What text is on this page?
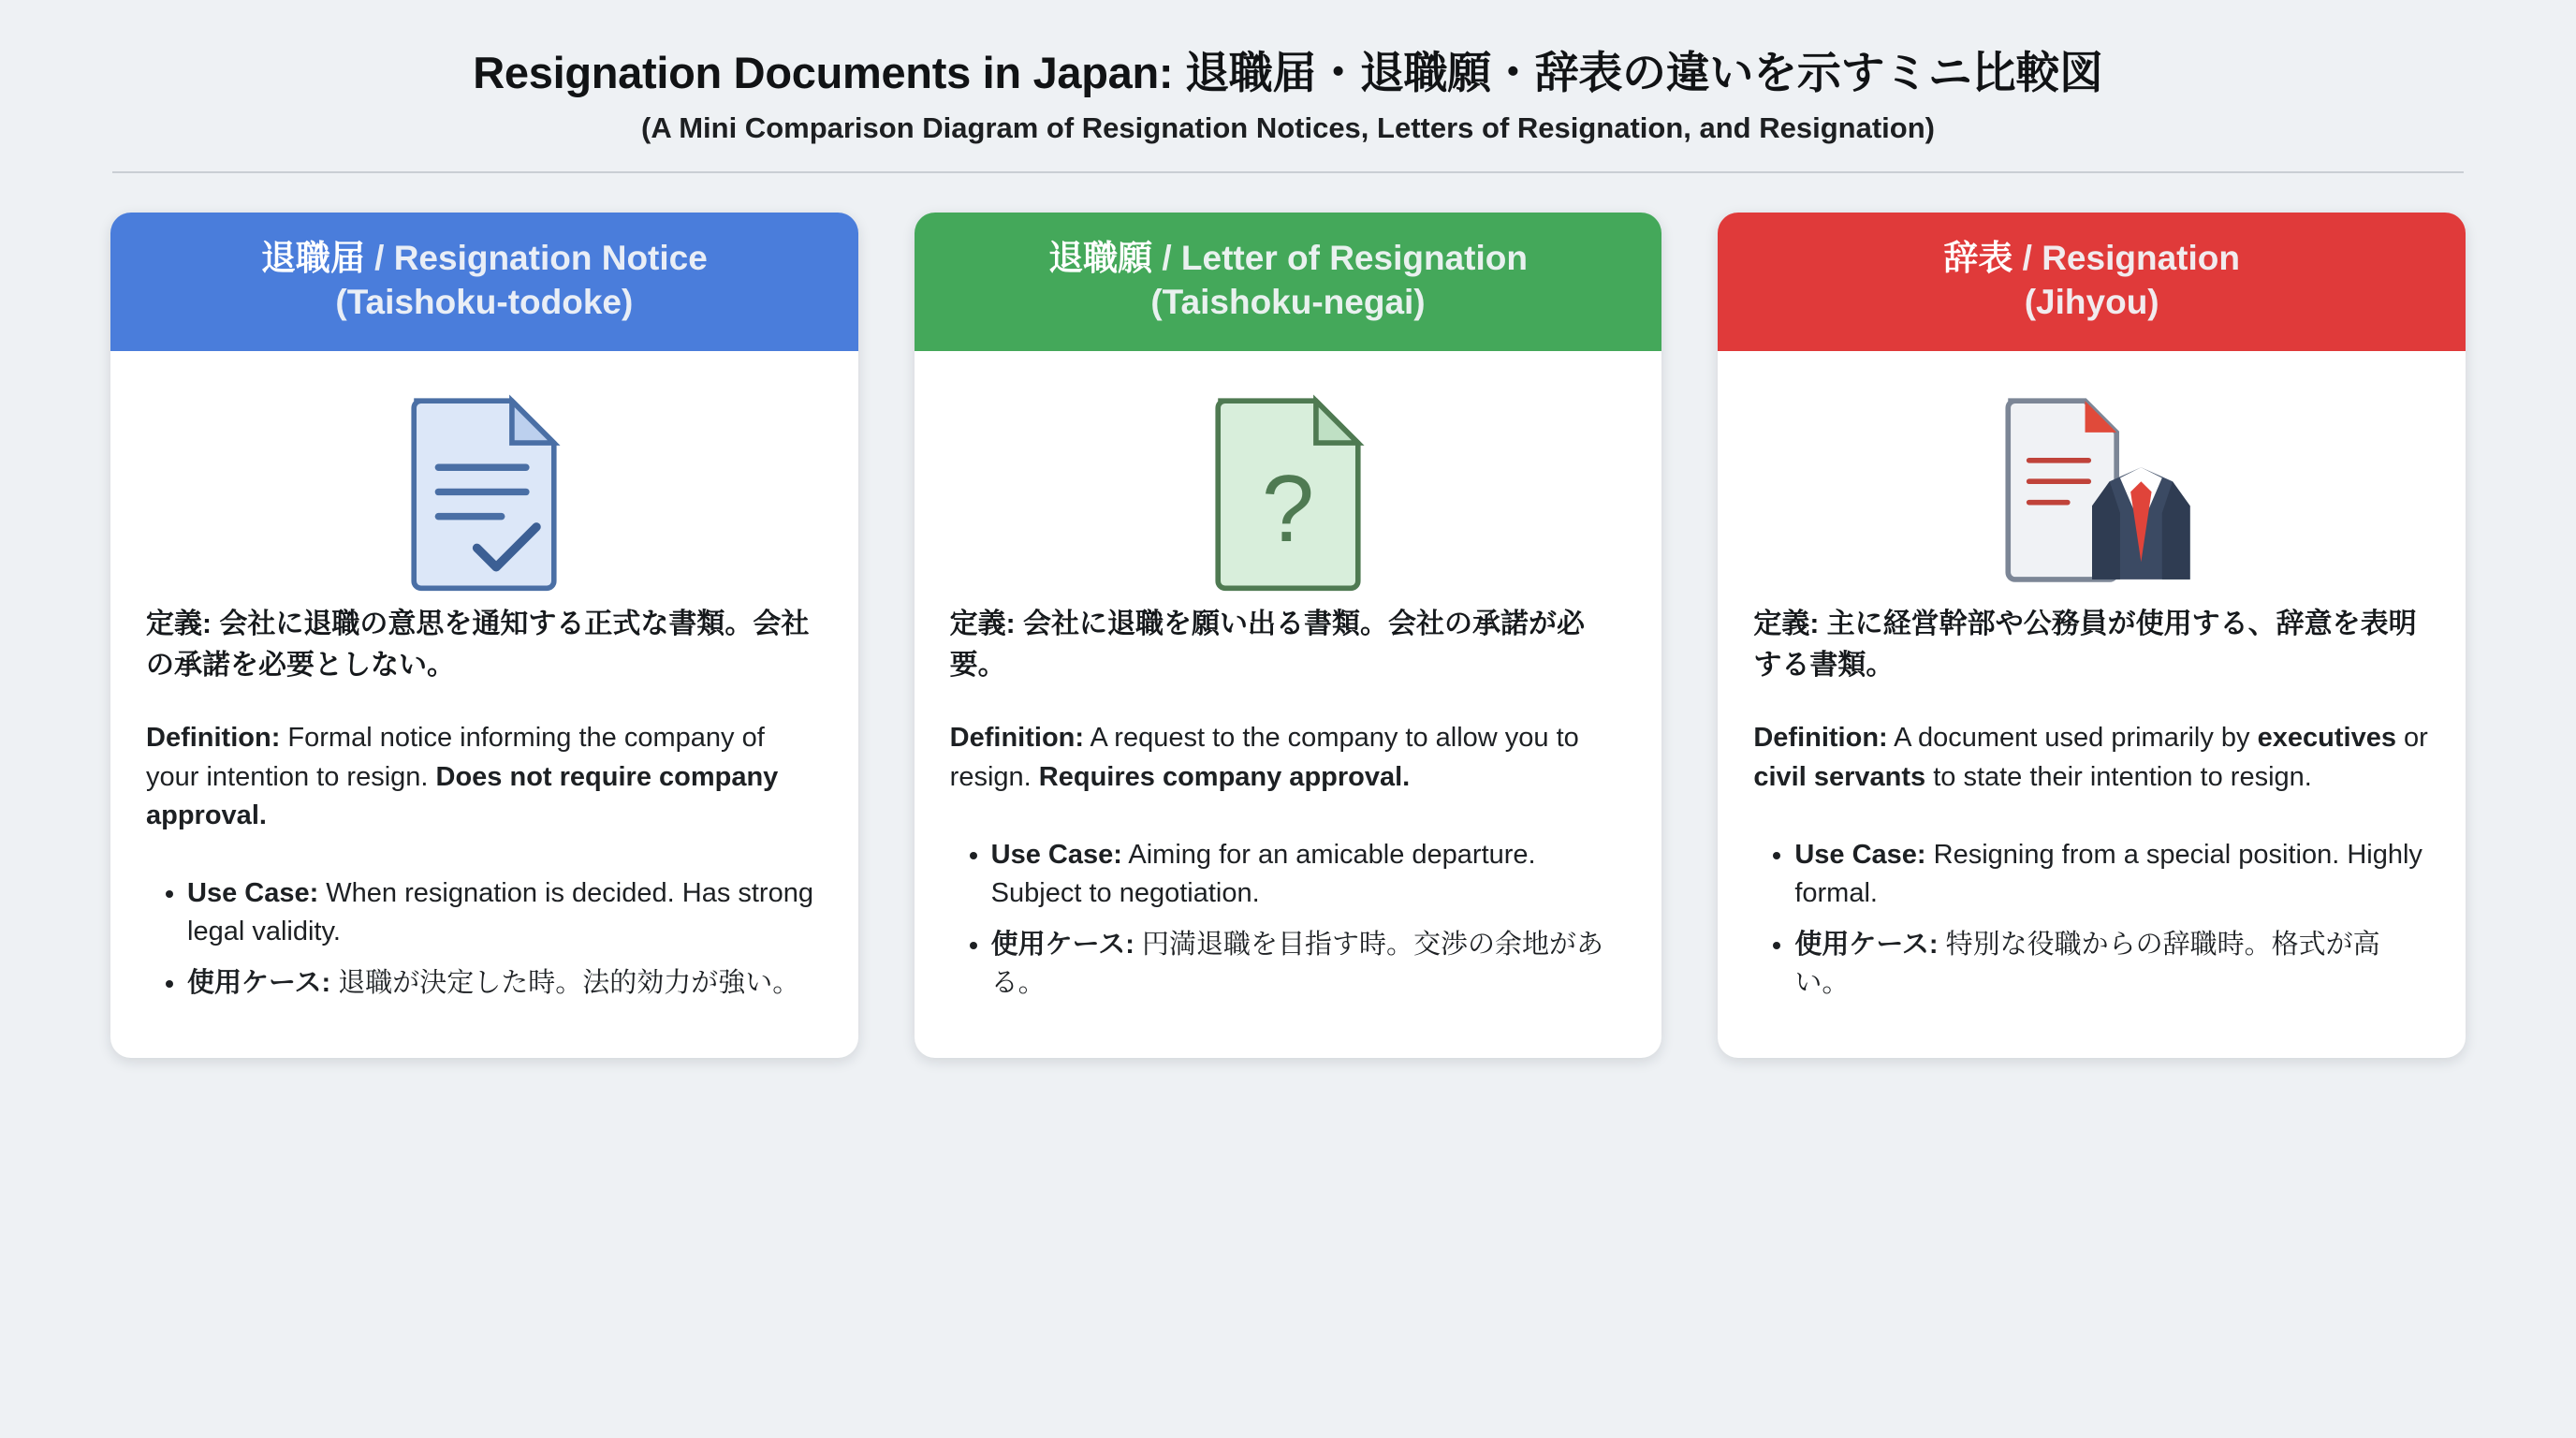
Resignation Documents in Japan: 退職届・退職願・辞表の違いを示すミニ比較図
(A Mini Comparison Diagram of Resignation Notices, Letters of Resignation, and Resignation)
退職届 / Resignation Notice
(Taishoku-todoke)
定義: 会社に退職の意思を通知する正式な書類。会社の承諾を必要としない。
Definition: Formal notice informing the company of your intention to resign. Does not require company approval.
• Use Case: When resignation is decided. Has strong legal validity.
• 使用ケース: 退職が決定した時。法的効力が強い。
退職願 / Letter of Resignation
(Taishoku-negai)
?
定義: 会社に退職を願い出る書類。会社の承諾が必要。
Definition: A request to the company to allow you to resign. Requires company approval.
• Use Case: Aiming for an amicable departure. Subject to negotiation.
• 使用ケース: 円満退職を目指す時。交渉の余地がある。
辞表 / Resignation
(Jihyou)
定義: 主に経営幹部や公務員が使用する、辞意を表明する書類。
Definition: A document used primarily by executives or civil servants to state their intention to resign.
• Use Case: Resigning from a special position. Highly formal.
• 使用ケース: 特別な役職からの辞職時。格式が高い。
